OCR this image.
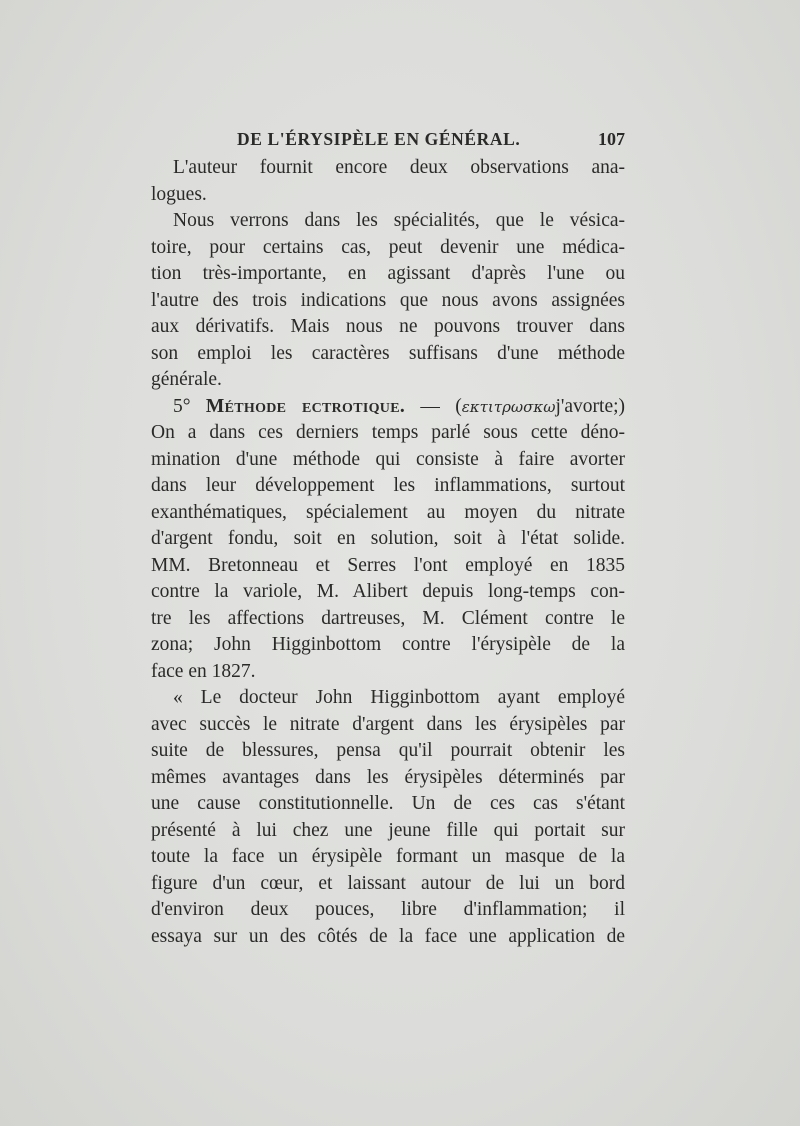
DE L'ÉRYSIPÈLE EN GÉNÉRAL.	107
L'auteur fournit encore deux observations ana-
logues.
Nous verrons dans les spécialités, que le vésica-
toire, pour certains cas, peut devenir une médica-
tion très-importante, en agissant d'après l'une ou
l'autre des trois indications que nous avons assignées
aux dérivatifs. Mais nous ne pouvons trouver dans
son emploi les caractères suffisans d'une méthode
générale.
5° Méthode ectrotique. — (εκτιτρωσκωj'avorte;)
On a dans ces derniers temps parlé sous cette déno-
mination d'une méthode qui consiste à faire avorter
dans leur développement les inflammations, surtout
exanthématiques, spécialement au moyen du nitrate
d'argent fondu, soit en solution, soit à l'état solide.
MM. Bretonneau et Serres l'ont employé en 1835
contre la variole, M. Alibert depuis long-temps con-
tre les affections dartreuses, M. Clément contre le
zona; John Higginbottom contre l'érysipèle de la
face en 1827.
« Le docteur John Higginbottom ayant employé
avec succès le nitrate d'argent dans les érysipèles par
suite de blessures, pensa qu'il pourrait obtenir les
mêmes avantages dans les érysipèles déterminés par
une cause constitutionnelle. Un de ces cas s'étant
présenté à lui chez une jeune fille qui portait sur
toute la face un érysipèle formant un masque de la
figure d'un cœur, et laissant autour de lui un bord
d'environ deux pouces, libre d'inflammation; il
essaya sur un des côtés de la face une application de
